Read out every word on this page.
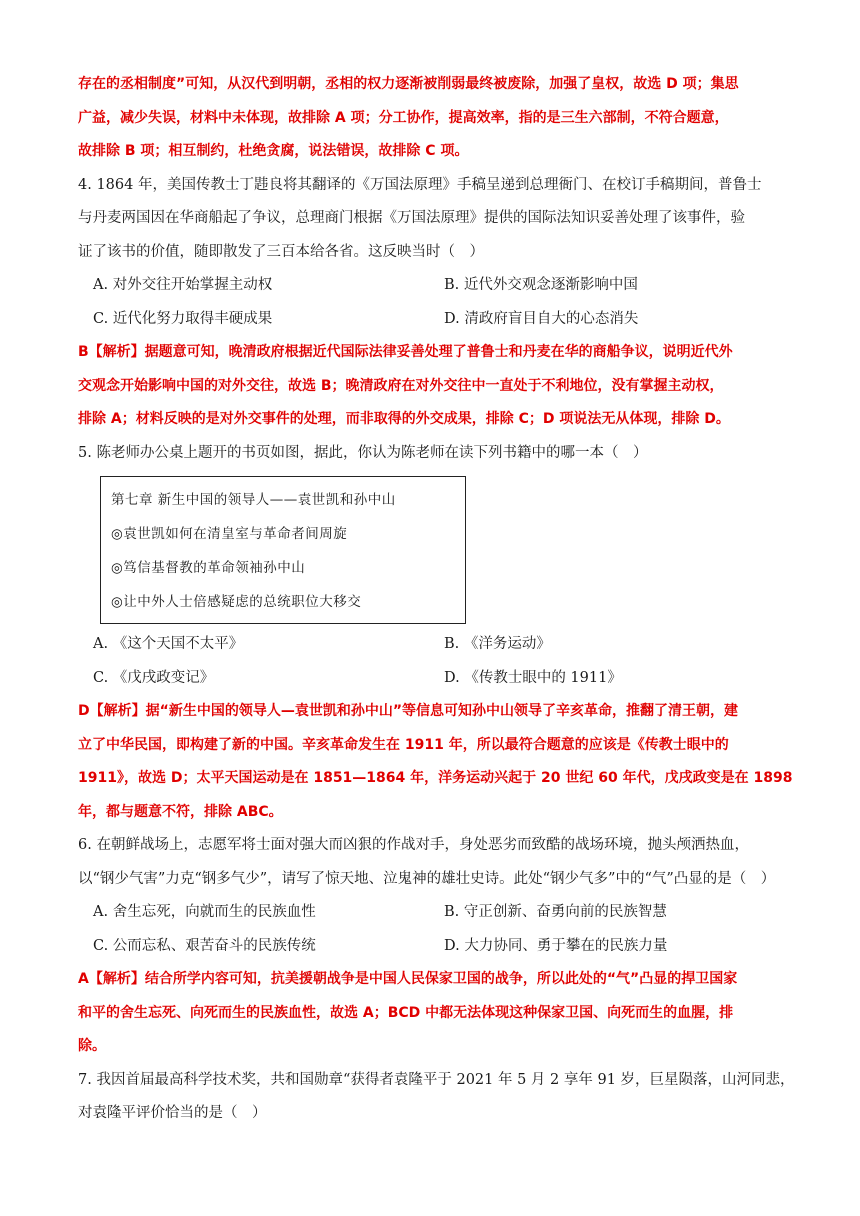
存在的丞相制度”可知，从汉代到明朝，丞相的权力逐渐被削弱最终被废除，加强了皇权，故选 D 项；集思
广益，减少失误，材料中未体现，故排除 A 项；分工协作，提高效率，指的是三生六部制，不符合题意，
故排除 B 项；相互制约，杜绝贪腐，说法错误，故排除 C 项。
4. 1864 年，美国传教士丁韪良将其翻译的《万国法原理》手稿呈递到总理衙门、在校订手稿期间，普鲁士
与丹麦两国因在华商船起了争议，总理商门根据《万国法原理》提供的国际法知识妥善处理了该事件，验
证了该书的价值，随即散发了三百本给各省。这反映当时（　）
A. 对外交往开始掌握主动权	B. 近代外交观念逐渐影响中国
C. 近代化努力取得丰硬成果	D. 清政府盲目自大的心态消失
B【解析】据题意可知，晚清政府根据近代国际法律妥善处理了普鲁士和丹麦在华的商船争议，说明近代外
交观念开始影响中国的对外交往，故选 B；晚清政府在对外交往中一直处于不利地位，没有掌握主动权，
排除 A；材料反映的是对外交事件的处理，而非取得的外交成果，排除 C；D 项说法无从体现，排除 D。
5. 陈老师办公桌上题开的书页如图，据此，你认为陈老师在读下列书籍中的哪一本（　）
第七章 新生中国的领导人——袁世凯和孙中山
◎袁世凯如何在清皇室与革命者间周旋
◎笃信基督教的革命领袖孙中山
◎让中外人士倍感疑虑的总统职位大移交
A. 《这个天国不太平》	B. 《洋务运动》
C. 《戊戌政变记》	D. 《传教士眼中的 1911》
D【解析】据“新生中国的领导人—袁世凯和孙中山”等信息可知孙中山领导了辛亥革命，推翻了清王朝，建
立了中华民国，即构建了新的中国。辛亥革命发生在 1911 年，所以最符合题意的应该是《传教士眼中的
1911》，故选 D；太平天国运动是在 1851—1864 年，洋务运动兴起于 20 世纪 60 年代，戊戌政变是在 1898
年，都与题意不符，排除 ABC。
6. 在朝鲜战场上，志愿军将士面对强大而凶狠的作战对手，身处恶劣而致酷的战场环境，抛头颅洒热血，
以“钢少气害”力克“钢多气少”，请写了惊天地、泣鬼神的雄壮史诗。此处“钢少气多”中的“气”凸显的是（　）
A. 舍生忘死，向就而生的民族血性	B. 守正创新、奋勇向前的民族智慧
C. 公而忘私、艰苦奋斗的民族传统	D. 大力协同、勇于攀在的民族力量
A【解析】结合所学内容可知，抗美援朝战争是中国人民保家卫国的战争，所以此处的“气”凸显的捍卫国家
和平的舍生忘死、向死而生的民族血性，故选 A；BCD 中都无法体现这种保家卫国、向死而生的血腥，排
除。
7. 我因首届最高科学技术奖，共和国勋章“获得者袁隆平于 2021 年 5 月 2 享年 91 岁，巨星陨落，山河同悲，
对袁隆平评价恰当的是（　）
